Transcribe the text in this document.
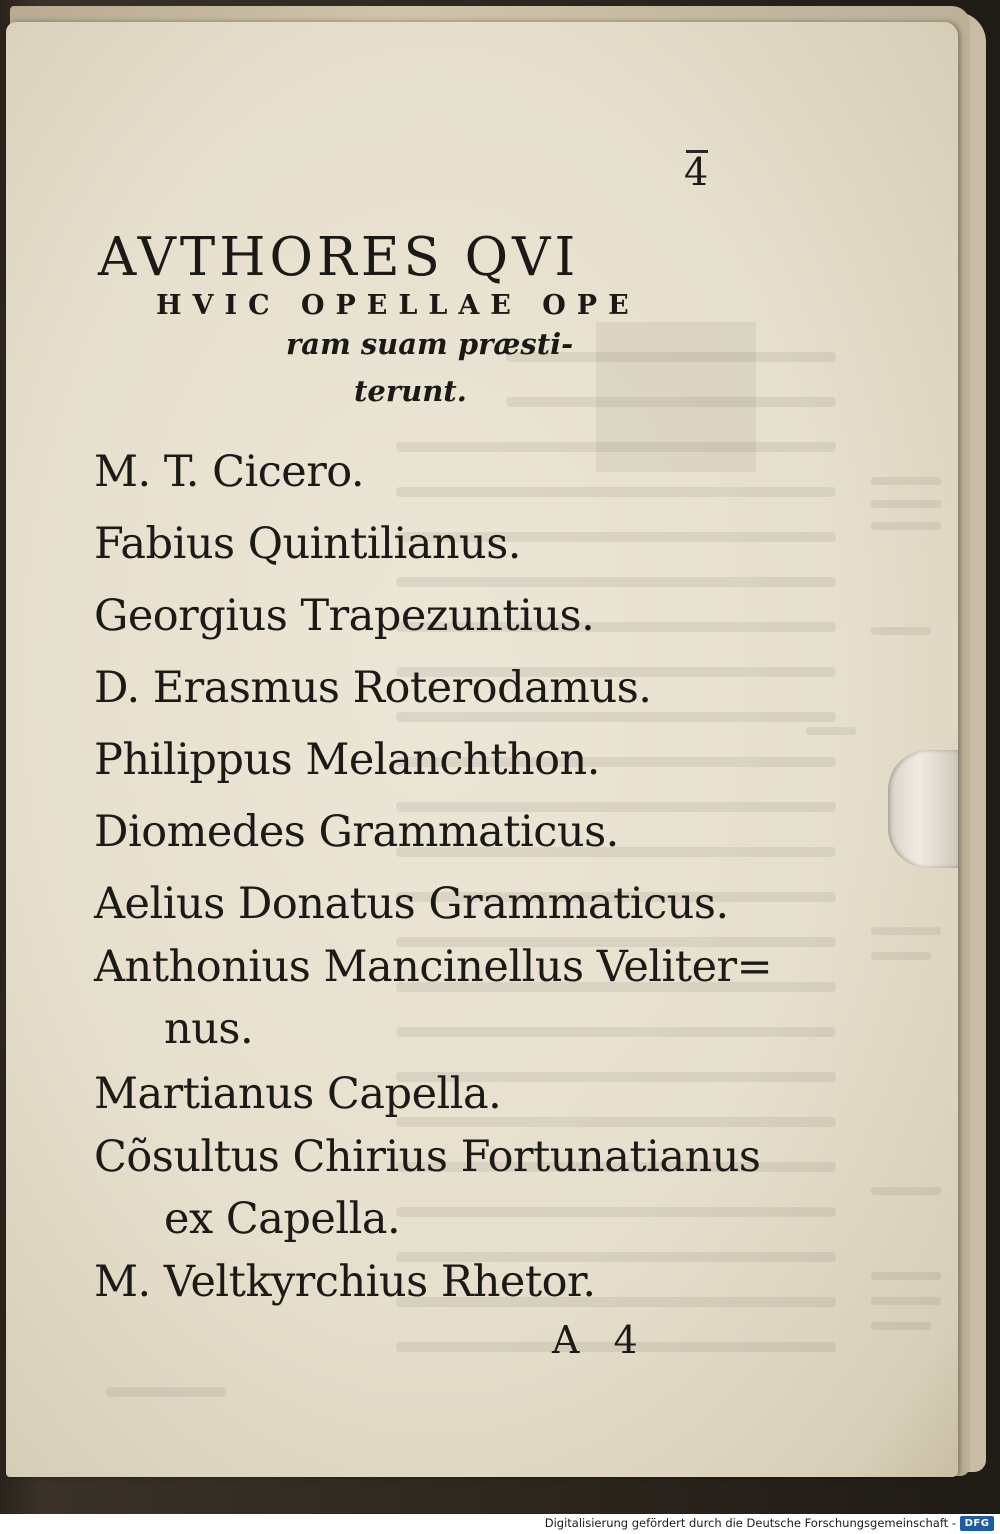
4
AVTHORES QVI
HVIC OPELLAE OPE
ram suam præsti-
terunt.
M. T. Cicero.
Fabius Quintilianus.
Georgius Trapezuntius.
D. Erasmus Roterodamus.
Philippus Melanchthon.
Diomedes Grammaticus.
Aelius Donatus Grammaticus.
Anthonius Mancinellus Veliter=
nus.
Martianus Capella.
Cõsultus Chirius Fortunatianus
ex Capella.
M. Veltkyrchius Rhetor.
A 4
Digitalisierung gefördert durch die Deutsche Forschungsgemeinschaft - DFG
